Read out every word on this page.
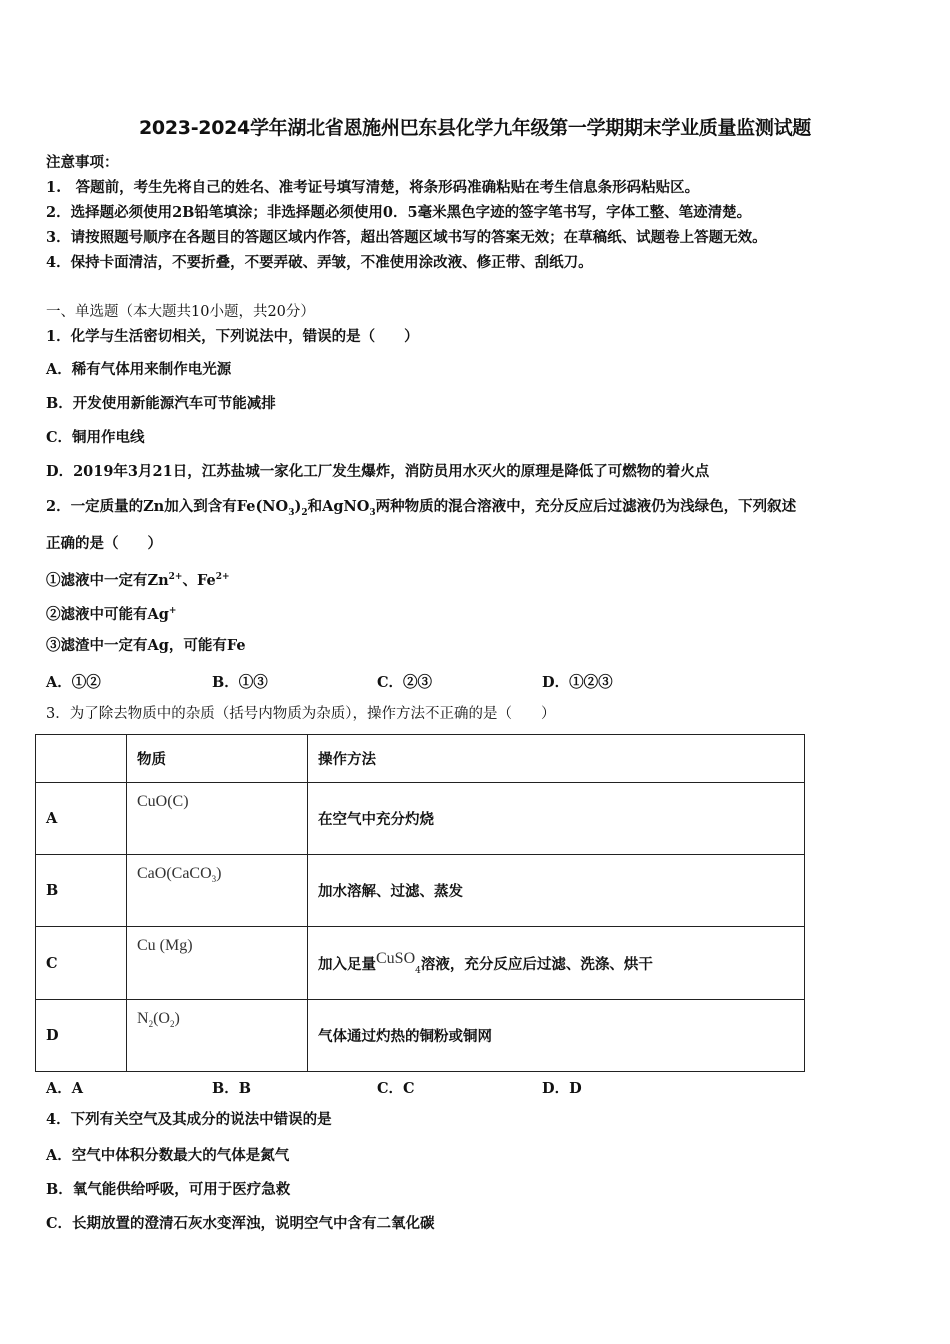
2023-2024学年湖北省恩施州巴东县化学九年级第一学期期末学业质量监测试题
注意事项：
1.　答题前，考生先将自己的姓名、准考证号填写清楚，将条形码准确粘贴在考生信息条形码粘贴区。
2．选择题必须使用2B铅笔填涂；非选择题必须使用0．5毫米黑色字迹的签字笔书写，字体工整、笔迹清楚。
3．请按照题号顺序在各题目的答题区域内作答，超出答题区域书写的答案无效；在草稿纸、试题卷上答题无效。
4．保持卡面清洁，不要折叠，不要弄破、弄皱，不准使用涂改液、修正带、刮纸刀。
一、单选题（本大题共10小题，共20分）
1．化学与生活密切相关，下列说法中，错误的是（　　）
A．稀有气体用来制作电光源
B．开发使用新能源汽车可节能减排
C．铜用作电线
D．2019年3月21日，江苏盐城一家化工厂发生爆炸，消防员用水灭火的原理是降低了可燃物的着火点
2．一定质量的Zn加入到含有$Fe(NO_3)_2$和AgNO$_3$两种物质的混合溶液中，充分反应后过滤液仍为浅绿色，下列叙述
正确的是（　　）
①滤液中一定有$Zn^{2+}$、$Fe^{2+}$
②滤液中可能有Ag+
③滤渣中一定有Ag，可能有Fe
A．①②	B．①③	C．②③	D．①②③
3．为了除去物质中的杂质（括号内物质为杂质），操作方法不正确的是（　　）
	物质	操作方法
A	CuO(C)	在空气中充分灼烧
B	CaO(CaCO$_3$)	加水溶解、过滤、蒸发
C	Cu (Mg)	加入足量CuSO$_4$溶液，充分反应后过滤、洗涤、烘干
D	$N_2(O_2)$	气体通过灼热的铜粉或铜网
A．A	B．B	C．C	D．D
4．下列有关空气及其成分的说法中错误的是
A．空气中体积分数最大的气体是氮气
B．氧气能供给呼吸，可用于医疗急救
C．长期放置的澄清石灰水变浑浊，说明空气中含有二氧化碳
